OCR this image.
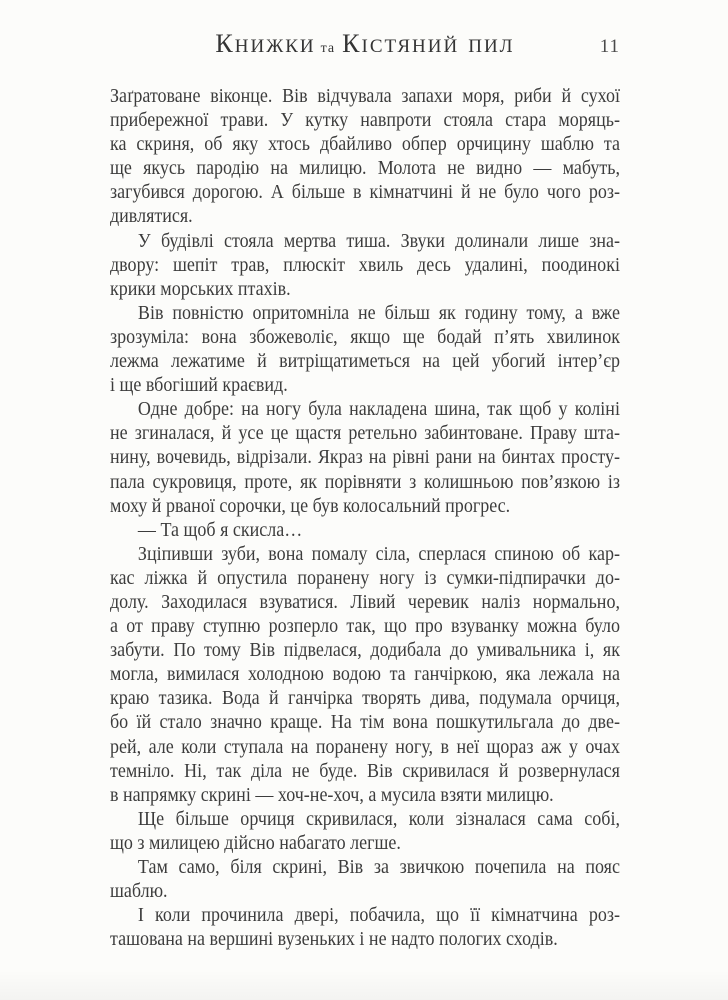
КНИЖКИ та КІСТЯНИЙ ПИЛ	11
Заґратоване віконце. Вів відчувала запахи моря, риби й сухої
прибережної трави. У кутку навпроти стояла стара моряць-
ка скриня, об яку хтось дбайливо обпер орчицину шаблю та
ще якусь пародію на милицю. Молота не видно — мабуть,
загубився дорогою. А більше в кімнатчині й не було чого роз-
дивлятися.
У будівлі стояла мертва тиша. Звуки долинали лише зна-
двору: шепіт трав, плюскіт хвиль десь удалині, поодинокі
крики морських птахів.
Вів повністю опритомніла не більш як годину тому, а вже
зрозуміла: вона збожеволіє, якщо ще бодай п’ять хвилинок
лежма лежатиме й витріщатиметься на цей убогий інтер’єр
і ще вбогіший краєвид.
Одне добре: на ногу була накладена шина, так щоб у коліні
не згиналася, й усе це щастя ретельно забинтоване. Праву шта-
нину, вочевидь, відрізали. Якраз на рівні рани на бинтах просту-
пала сукровиця, проте, як порівняти з колишньою пов’язкою із
моху й рваної сорочки, це був колосальний прогрес.
— Та щоб я скисла…
Зціпивши зуби, вона помалу сіла, сперлася спиною об кар-
кас ліжка й опустила поранену ногу із сумки-підпирачки до-
долу. Заходилася взуватися. Лівий черевик наліз нормально,
а от праву ступню розперло так, що про взуванку можна було
забути. По тому Вів підвелася, додибала до умивальника і, як
могла, вимилася холодною водою та ганчіркою, яка лежала на
краю тазика. Вода й ганчірка творять дива, подумала орчиця,
бо їй стало значно краще. На тім вона пошкутильгала до две-
рей, але коли ступала на поранену ногу, в неї щораз аж у очах
темніло. Ні, так діла не буде. Вів скривилася й розвернулася
в напрямку скрині — хоч-не-хоч, а мусила взяти милицю.
Ще більше орчиця скривилася, коли зізналася сама собі,
що з милицею дійсно набагато легше.
Там само, біля скрині, Вів за звичкою почепила на пояс
шаблю.
І коли прочинила двері, побачила, що її кімнатчина роз-
ташована на вершині вузеньких і не надто пологих сходів.
